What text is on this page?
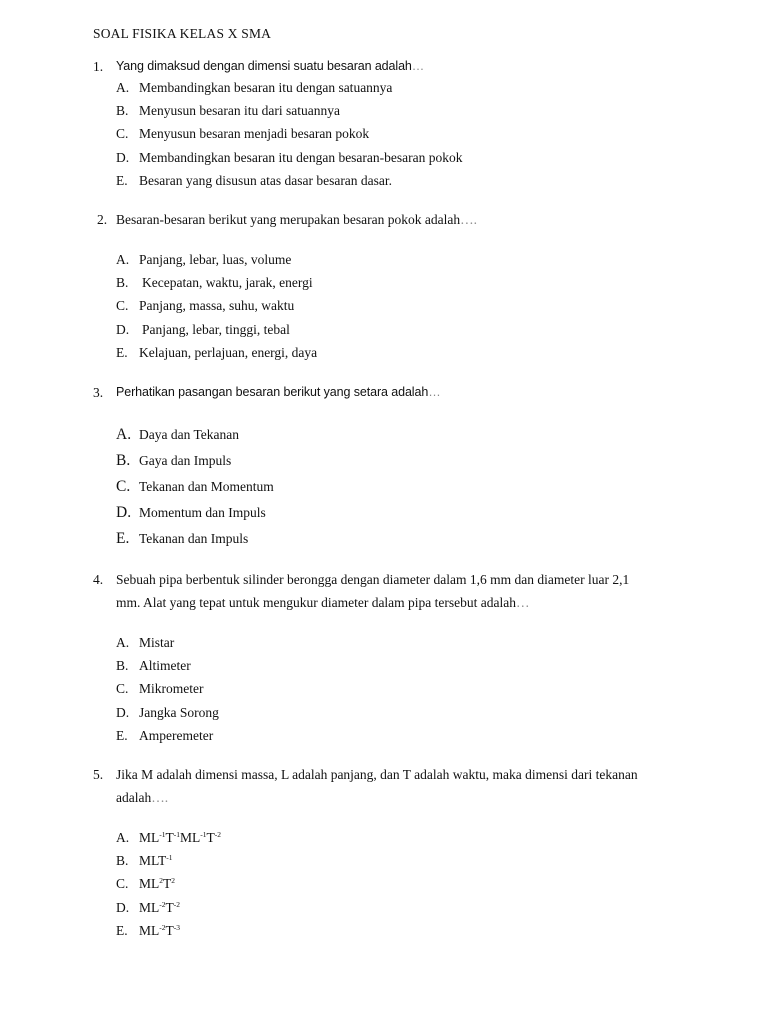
SOAL FISIKA KELAS X SMA
1. Yang dimaksud dengan dimensi suatu besaran adalah…
A. Membandingkan besaran itu dengan satuannya
B. Menyusun besaran itu dari satuannya
C. Menyusun besaran menjadi besaran pokok
D. Membandingkan besaran itu dengan besaran-besaran pokok
E. Besaran yang disusun atas dasar besaran dasar.
2. Besaran-besaran berikut yang merupakan besaran pokok adalah….
A. Panjang, lebar, luas, volume
B. Kecepatan, waktu, jarak, energi
C. Panjang, massa, suhu, waktu
D. Panjang, lebar, tinggi, tebal
E. Kelajuan, perlajuan, energi, daya
3. Perhatikan pasangan besaran berikut yang setara adalah…
A. Daya dan Tekanan
B. Gaya dan Impuls
C. Tekanan dan Momentum
D. Momentum dan Impuls
E. Tekanan dan Impuls
4. Sebuah pipa berbentuk silinder berongga dengan diameter dalam 1,6 mm dan diameter luar 2,1
mm. Alat yang tepat untuk mengukur diameter dalam pipa tersebut adalah…
A. Mistar
B. Altimeter
C. Mikrometer
D. Jangka Sorong
E. Amperemeter
5. Jika M adalah dimensi massa, L adalah panjang, dan T adalah waktu, maka dimensi dari tekanan
adalah….
A. $ML^{-1}T^{-1}ML^{-1}T^{-2}$
B. $MLT^{-1}$
C. $ML^2T^2$
D. $ML^{-2}T^{-2}$
E. $ML^{-2}T^{-3}$
